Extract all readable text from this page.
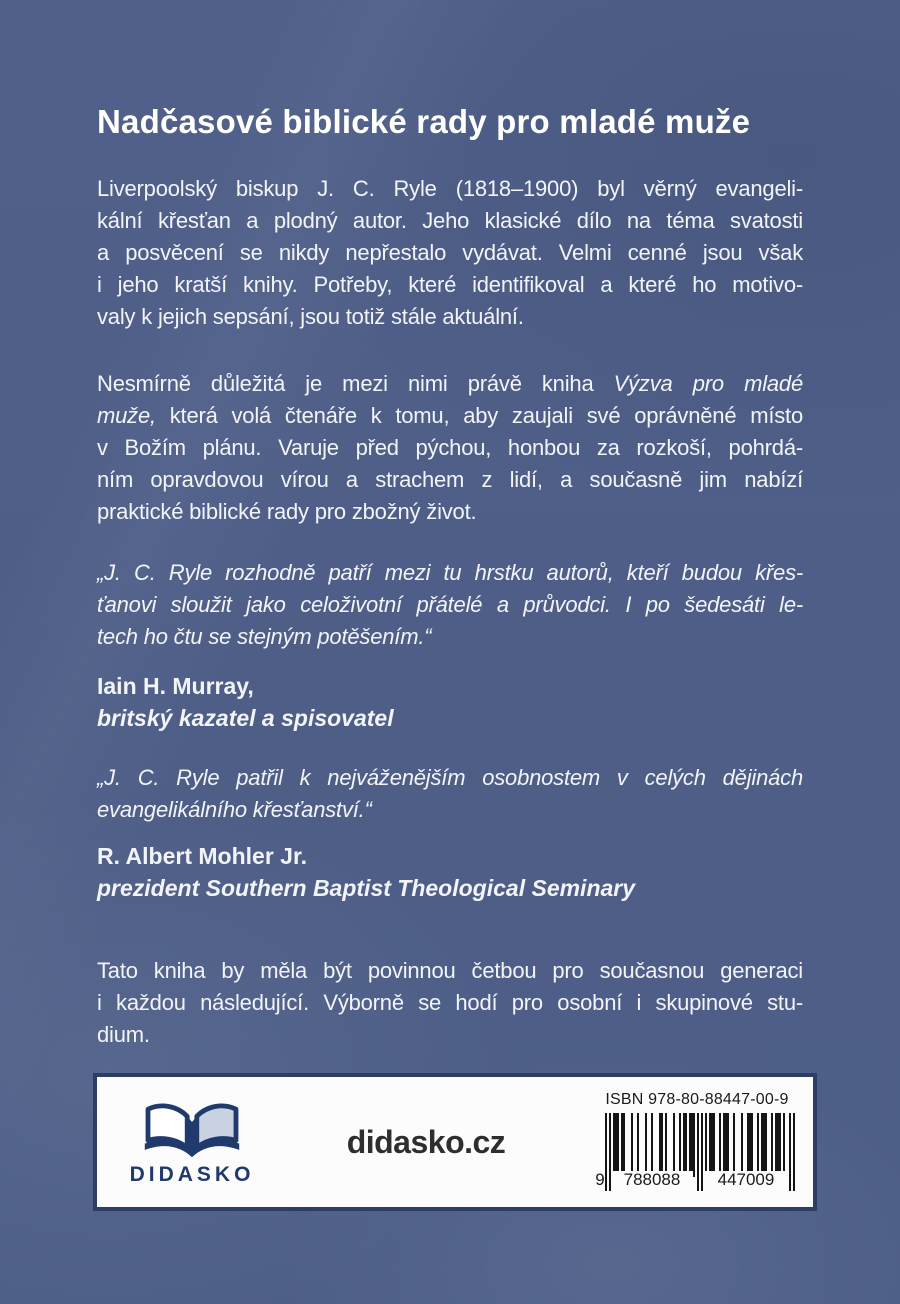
Nadčasové biblické rady pro mladé muže
Liverpoolský biskup J. C. Ryle (1818–1900) byl věrný evangeli-
kální křesťan a plodný autor. Jeho klasické dílo na téma svatosti
a posvěcení se nikdy nepřestalo vydávat. Velmi cenné jsou však
i jeho kratší knihy. Potřeby, které identifikoval a které ho motivo-
valy k jejich sepsání, jsou totiž stále aktuální.
Nesmírně důležitá je mezi nimi právě kniha Výzva pro mladé
muže, která volá čtenáře k tomu, aby zaujali své oprávněné místo
v Božím plánu. Varuje před pýchou, honbou za rozkoší, pohrdá-
ním opravdovou vírou a strachem z lidí, a současně jim nabízí
praktické biblické rady pro zbožný život.
„J. C. Ryle rozhodně patří mezi tu hrstku autorů, kteří budou křes-
ťanovi sloužit jako celoživotní přátelé a průvodci. I po šedesáti le-
tech ho čtu se stejným potěšením.“
Iain H. Murray,
britský kazatel a spisovatel
„J. C. Ryle patřil k nejváženějším osobnostem v celých dějinách
evangelikálního křesťanství.“
R. Albert Mohler Jr.
prezident Southern Baptist Theological Seminary
Tato kniha by měla být povinnou četbou pro současnou generaci
i každou následující. Výborně se hodí pro osobní i skupinové stu-
dium.
DIDASKO
didasko.cz
ISBN 978-80-88447-00-9
9	788088	447009
